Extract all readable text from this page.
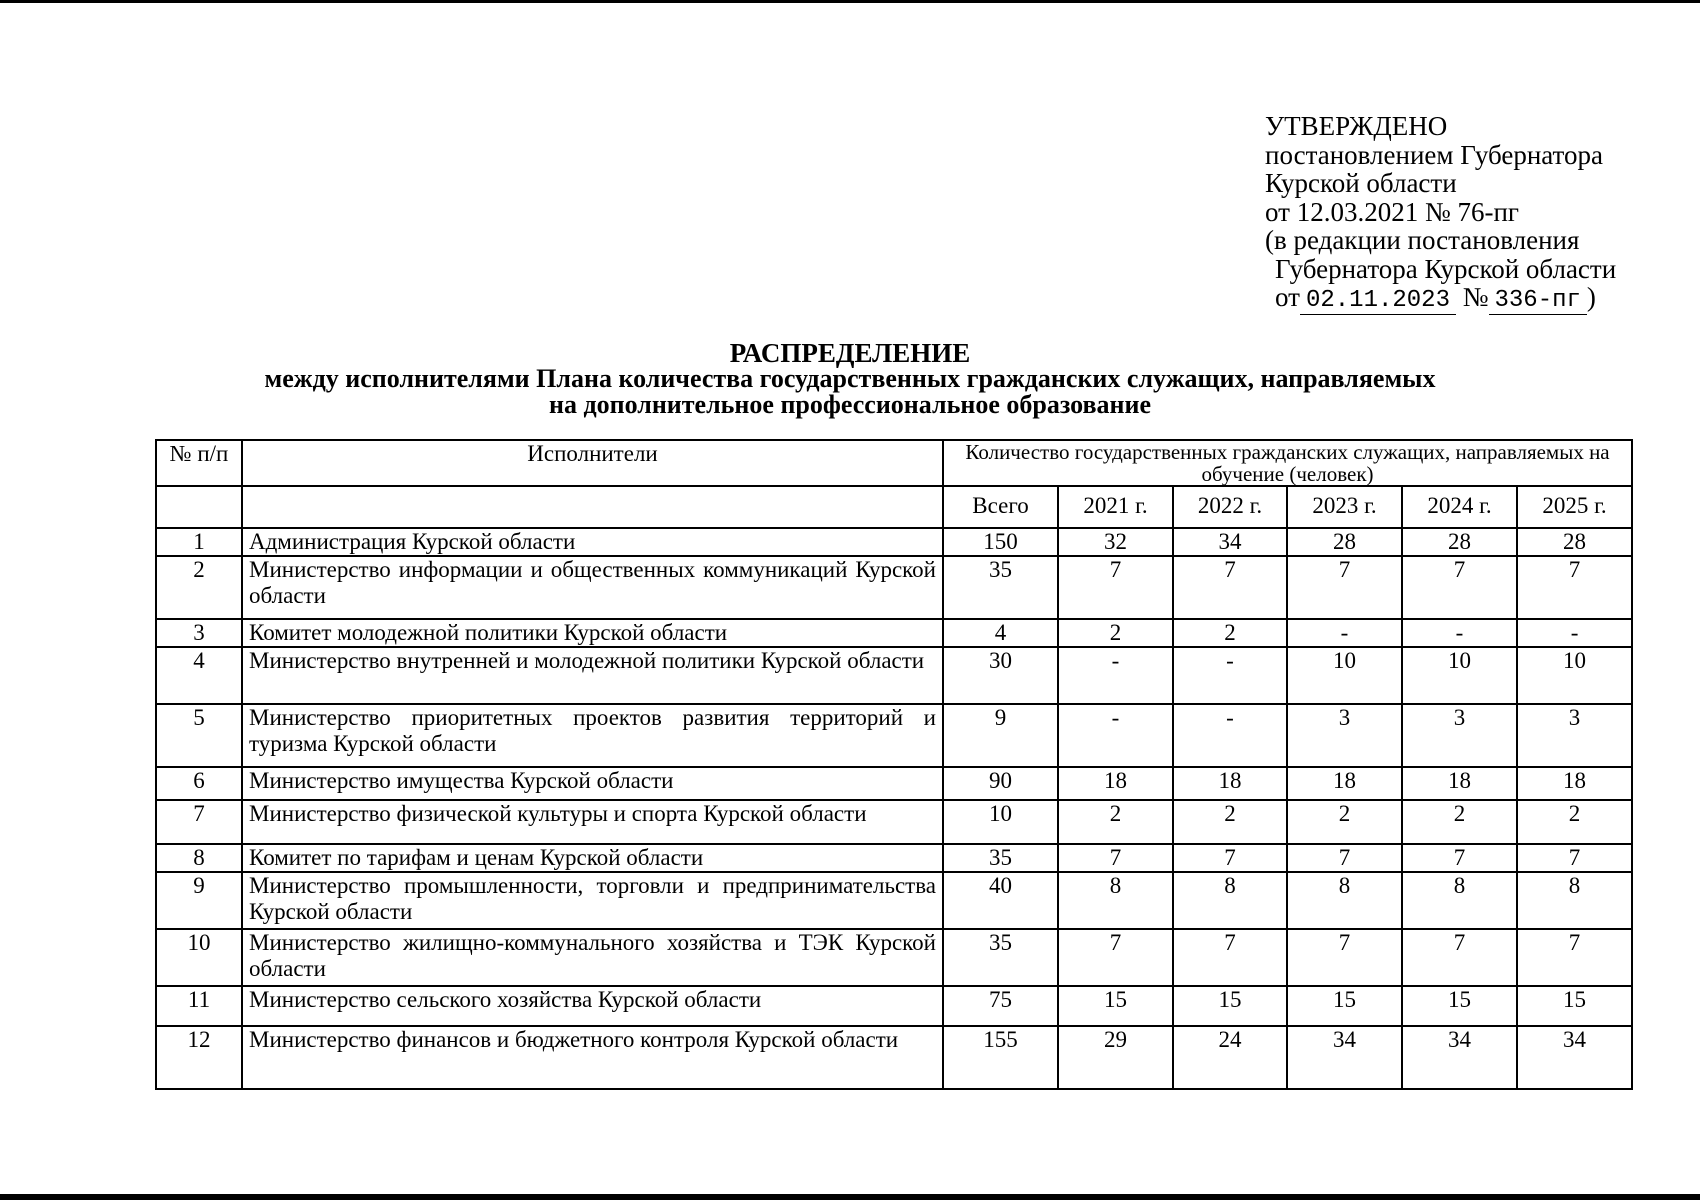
УТВЕРЖДЕНО
постановлением Губернатора
Курской области
от 12.03.2021 № 76-пг
(в редакции постановления
Губернатора Курской области
от 02.11.2023 № 336-пг )
РАСПРЕДЕЛЕНИЕ
между исполнителями Плана количества государственных гражданских служащих, направляемых
на дополнительное профессиональное образование
№ п/п	Исполнители	Количество государственных гражданских служащих, направляемых на обучение (человек)					
		Всего	2021 г.	2022 г.	2023 г.	2024 г.	2025 г.
1	Администрация Курской области	150	32	34	28	28	28
2	Министерство информации и общественных коммуникаций Курской области	35	7	7	7	7	7
3	Комитет молодежной политики Курской области	4	2	2	-	-	-
4	Министерство внутренней и молодежной политики Курской области	30	-	-	10	10	10
5	Министерство приоритетных проектов развития территорий и туризма Курской области	9	-	-	3	3	3
6	Министерство имущества Курской области	90	18	18	18	18	18
7	Министерство физической культуры и спорта Курской области	10	2	2	2	2	2
8	Комитет по тарифам и ценам Курской области	35	7	7	7	7	7
9	Министерство промышленности, торговли и предпринимательства Курской области	40	8	8	8	8	8
10	Министерство жилищно-коммунального хозяйства и ТЭК Курской области	35	7	7	7	7	7
11	Министерство сельского хозяйства Курской области	75	15	15	15	15	15
12	Министерство финансов и бюджетного контроля Курской области	155	29	24	34	34	34
